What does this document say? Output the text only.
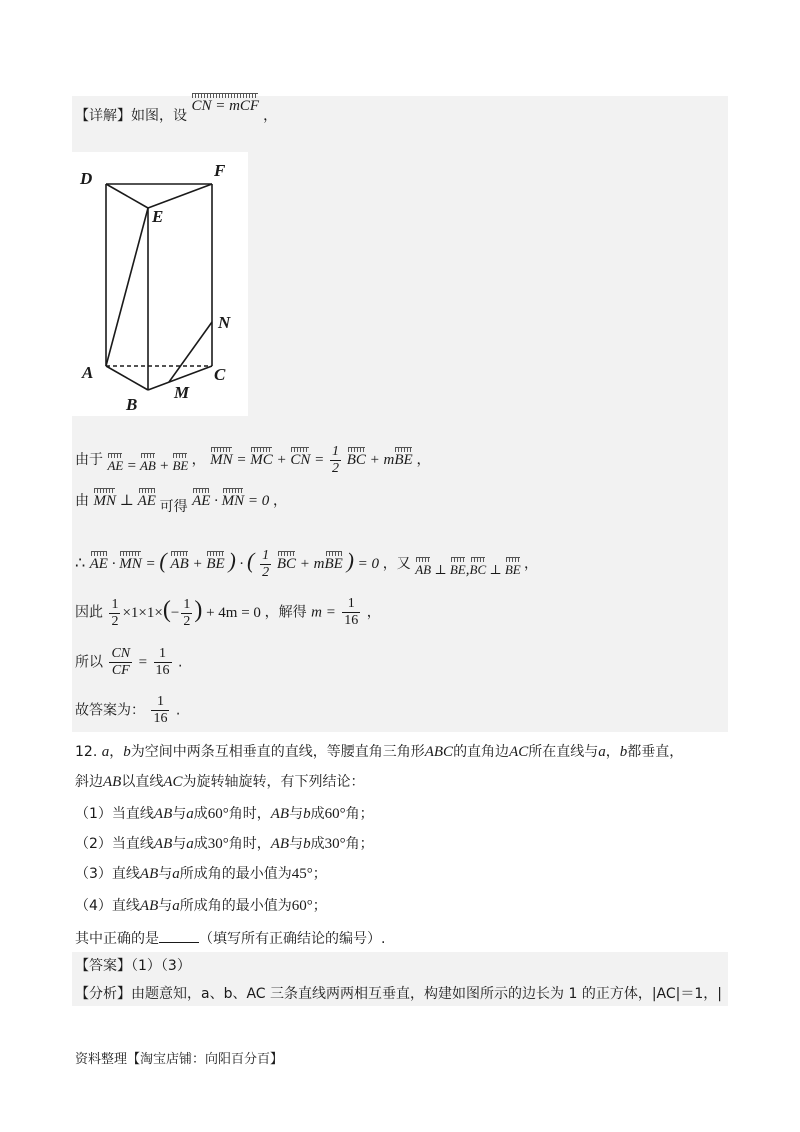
【详解】如图，设 CN = mCF，
D	F
E
N
A	C
M
B
由于 AE = AB + BE ， MN = MC + CN = $\frac{1}{2}$ BC + mBE ，
由 MN ⊥ AE 可得 AE · MN = 0 ，
∴ AE · MN = ( AB + BE ) · ( $\frac{1}{2}$ BC + mBE ) = 0 ，又 AB ⊥ BE,BC ⊥ BE ，
因此 $\frac{1}{2} \times 1\times 1\times(- \frac{1}{2}$ ) + 4m = 0 ，解得 $m = \frac{1}{16}$ ，
所以 $\frac{CN}{CF} = \frac{1}{16}$ .
故答案为： $\frac{1}{16}$ .
12. a，b为空间中两条互相垂直的直线，等腰直角三角形ABC的直角边AC所在直线与a，b都垂直，
斜边AB以直线AC为旋转轴旋转，有下列结论：
（1）当直线AB与a成60°角时，AB与b成60°角；
（2）当直线AB与a成30°角时，AB与b成30°角；
（3）直线AB与a所成角的最小值为45°；
（4）直线AB与a所成角的最小值为60°；
其中正确的是	（填写所有正确结论的编号）.
【答案】（1）（3）
【分析】由题意知，a、b、AC 三条直线两两相互垂直，构建如图所示的边长为 1 的正方体，|AC|＝1，|
资料整理【淘宝店铺：向阳百分百】
